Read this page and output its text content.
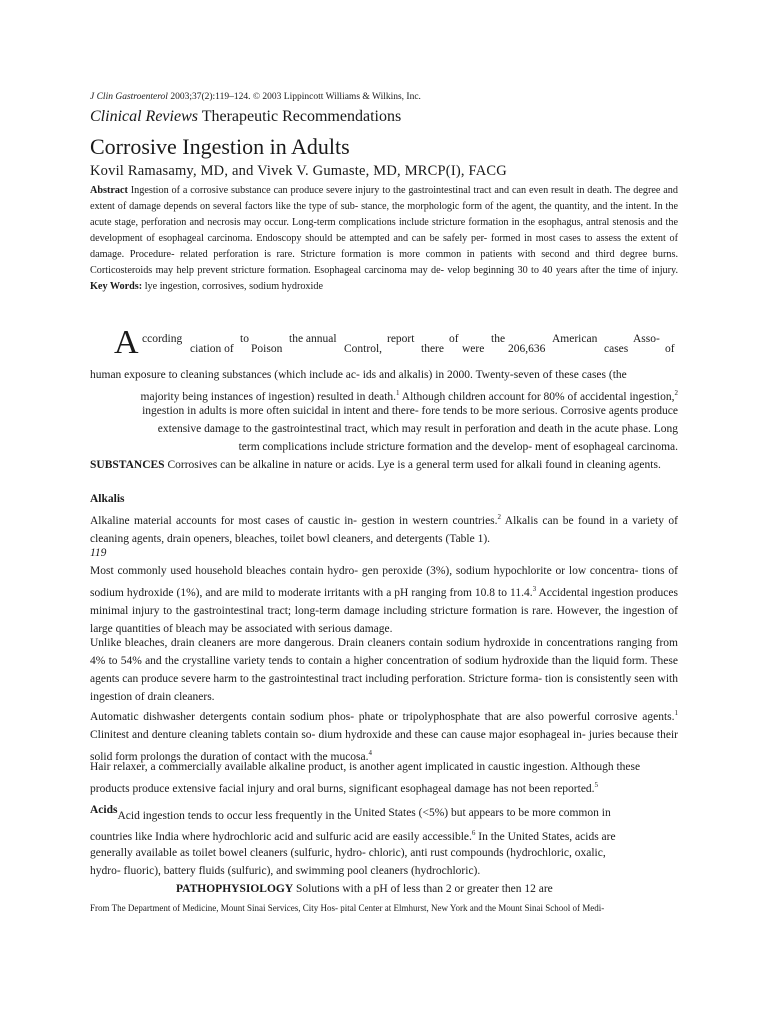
J Clin Gastroenterol 2003;37(2):119–124. © 2003 Lippincott Williams & Wilkins, Inc.
Clinical Reviews Therapeutic Recommendations
Corrosive Ingestion in Adults
Kovil Ramasamy, MD, and Vivek V. Gumaste, MD, MRCP(I), FACG
Abstract Ingestion of a corrosive substance can produce severe injury to the gastrointestinal tract and can even result in death. The degree and extent of damage depends on several factors like the type of sub- stance, the morphologic form of the agent, the quantity, and the intent. In the acute stage, perforation and necrosis may occur. Long-term complications include stricture formation in the esophagus, antral stenosis and the development of esophageal carcinoma. Endoscopy should be attempted and can be safely per- formed in most cases to assess the extent of damage. Procedure- related perforation is rare. Stricture formation is more common in patients with second and third degree burns. Corticosteroids may help prevent stricture formation. Esophageal carcinoma may de- velop beginning 30 to 40 years after the time of injury. Key Words: lye ingestion, corrosives, sodium hydroxide
A ccording
ciation of
to
Poison
the annual
Control,
report
there
of
were
the
206,636
American
cases
Asso-
of
human exposure to cleaning substances (which include ac- ids and alkalis) in 2000. Twenty-seven of these cases (the
majority being instances of ingestion) resulted in death.$^1$ Although children account for 80% of accidental ingestion,$^2$
ingestion in adults is more often suicidal in intent and there- fore tends to be more serious. Corrosive agents produce
extensive damage to the gastrointestinal tract, which may result in perforation and death in the acute phase. Long
term complications include stricture formation and the develop- ment of esophageal carcinoma.
SUBSTANCES Corrosives can be alkaline in nature or acids. Lye is a general term used for alkali found in cleaning agents.
Alkalis
Alkaline material accounts for most cases of caustic in- gestion in western countries.$^2$ Alkalis can be found in a variety of cleaning agents, drain openers, bleaches, toilet bowl cleaners, and detergents (Table 1).
119
Most commonly used household bleaches contain hydro- gen peroxide (3%), sodium hypochlorite or low concentra- tions of sodium hydroxide (1%), and are mild to moderate irritants with a pH ranging from 10.8 to 11.4.$^3$ Accidental ingestion produces minimal injury to the gastrointestinal tract; long-term damage including stricture formation is rare. However, the ingestion of large quantities of bleach may be associated with serious damage.
Unlike bleaches, drain cleaners are more dangerous. Drain cleaners contain sodium hydroxide in concentrations ranging from 4% to 54% and the crystalline variety tends to contain a higher concentration of sodium hydroxide than the liquid form. These agents can produce severe harm to the gastrointestinal tract including perforation. Stricture forma- tion is consistently seen with ingestion of drain cleaners.
Automatic dishwasher detergents contain sodium phos- phate or tripolyphosphate that are also powerful corrosive agents.$^1$ Clinitest and denture cleaning tablets contain so- dium hydroxide and these can cause major esophageal in- juries because their solid form prolongs the duration of contact with the mucosa.$^4$
Hair relaxer, a commercially available alkaline product, is another agent implicated in caustic ingestion. Although these products produce extensive facial injury and oral burns, significant esophageal damage has not been reported.$^5$
AcidsAcid ingestion tends to occur less frequently in the United States (<5%) but appears to be more common in
countries like India where hydrochloric acid and sulfuric acid are easily accessible.$^6$ In the United States, acids are
generally available as toilet bowel cleaners (sulfuric, hydro- chloric), anti rust compounds (hydrochloric, oxalic,
hydro- fluoric), battery fluids (sulfuric), and swimming pool cleaners (hydrochloric).
PATHOPHYSIOLOGY Solutions with a pH of less than 2 or greater then 12 are
From The Department of Medicine, Mount Sinai Services, City Hos- pital Center at Elmhurst, New York and the Mount Sinai School of Medi-
